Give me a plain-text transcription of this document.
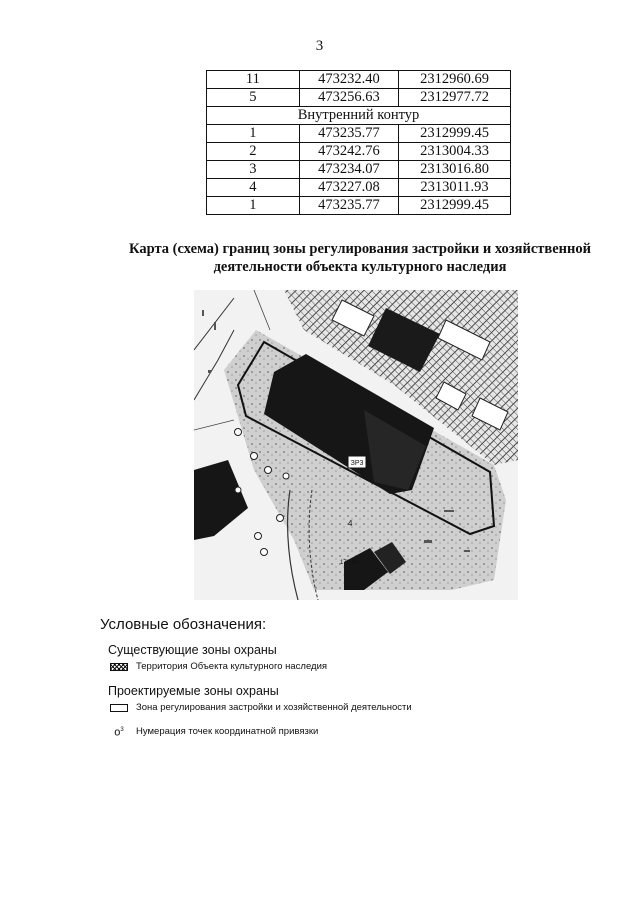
3
11	473232.40	2312960.69
5	473256.63	2312977.72
Внутренний контур		
1	473235.77	2312999.45
2	473242.76	2313004.33
3	473234.07	2313016.80
4	473227.08	2313011.93
1	473235.77	2312999.45
Карта (схема) границ зоны регулирования застройки и хозяйственной
деятельности объекта культурного наследия
ЗР3
4
178.50
Условные обозначения:
Существующие зоны охраны
Территория Объекта культурного наследия
Проектируемые зоны охраны
Зона регулирования застройки и хозяйственной деятельности
$o^3$	Нумерация точек координатной привязки
